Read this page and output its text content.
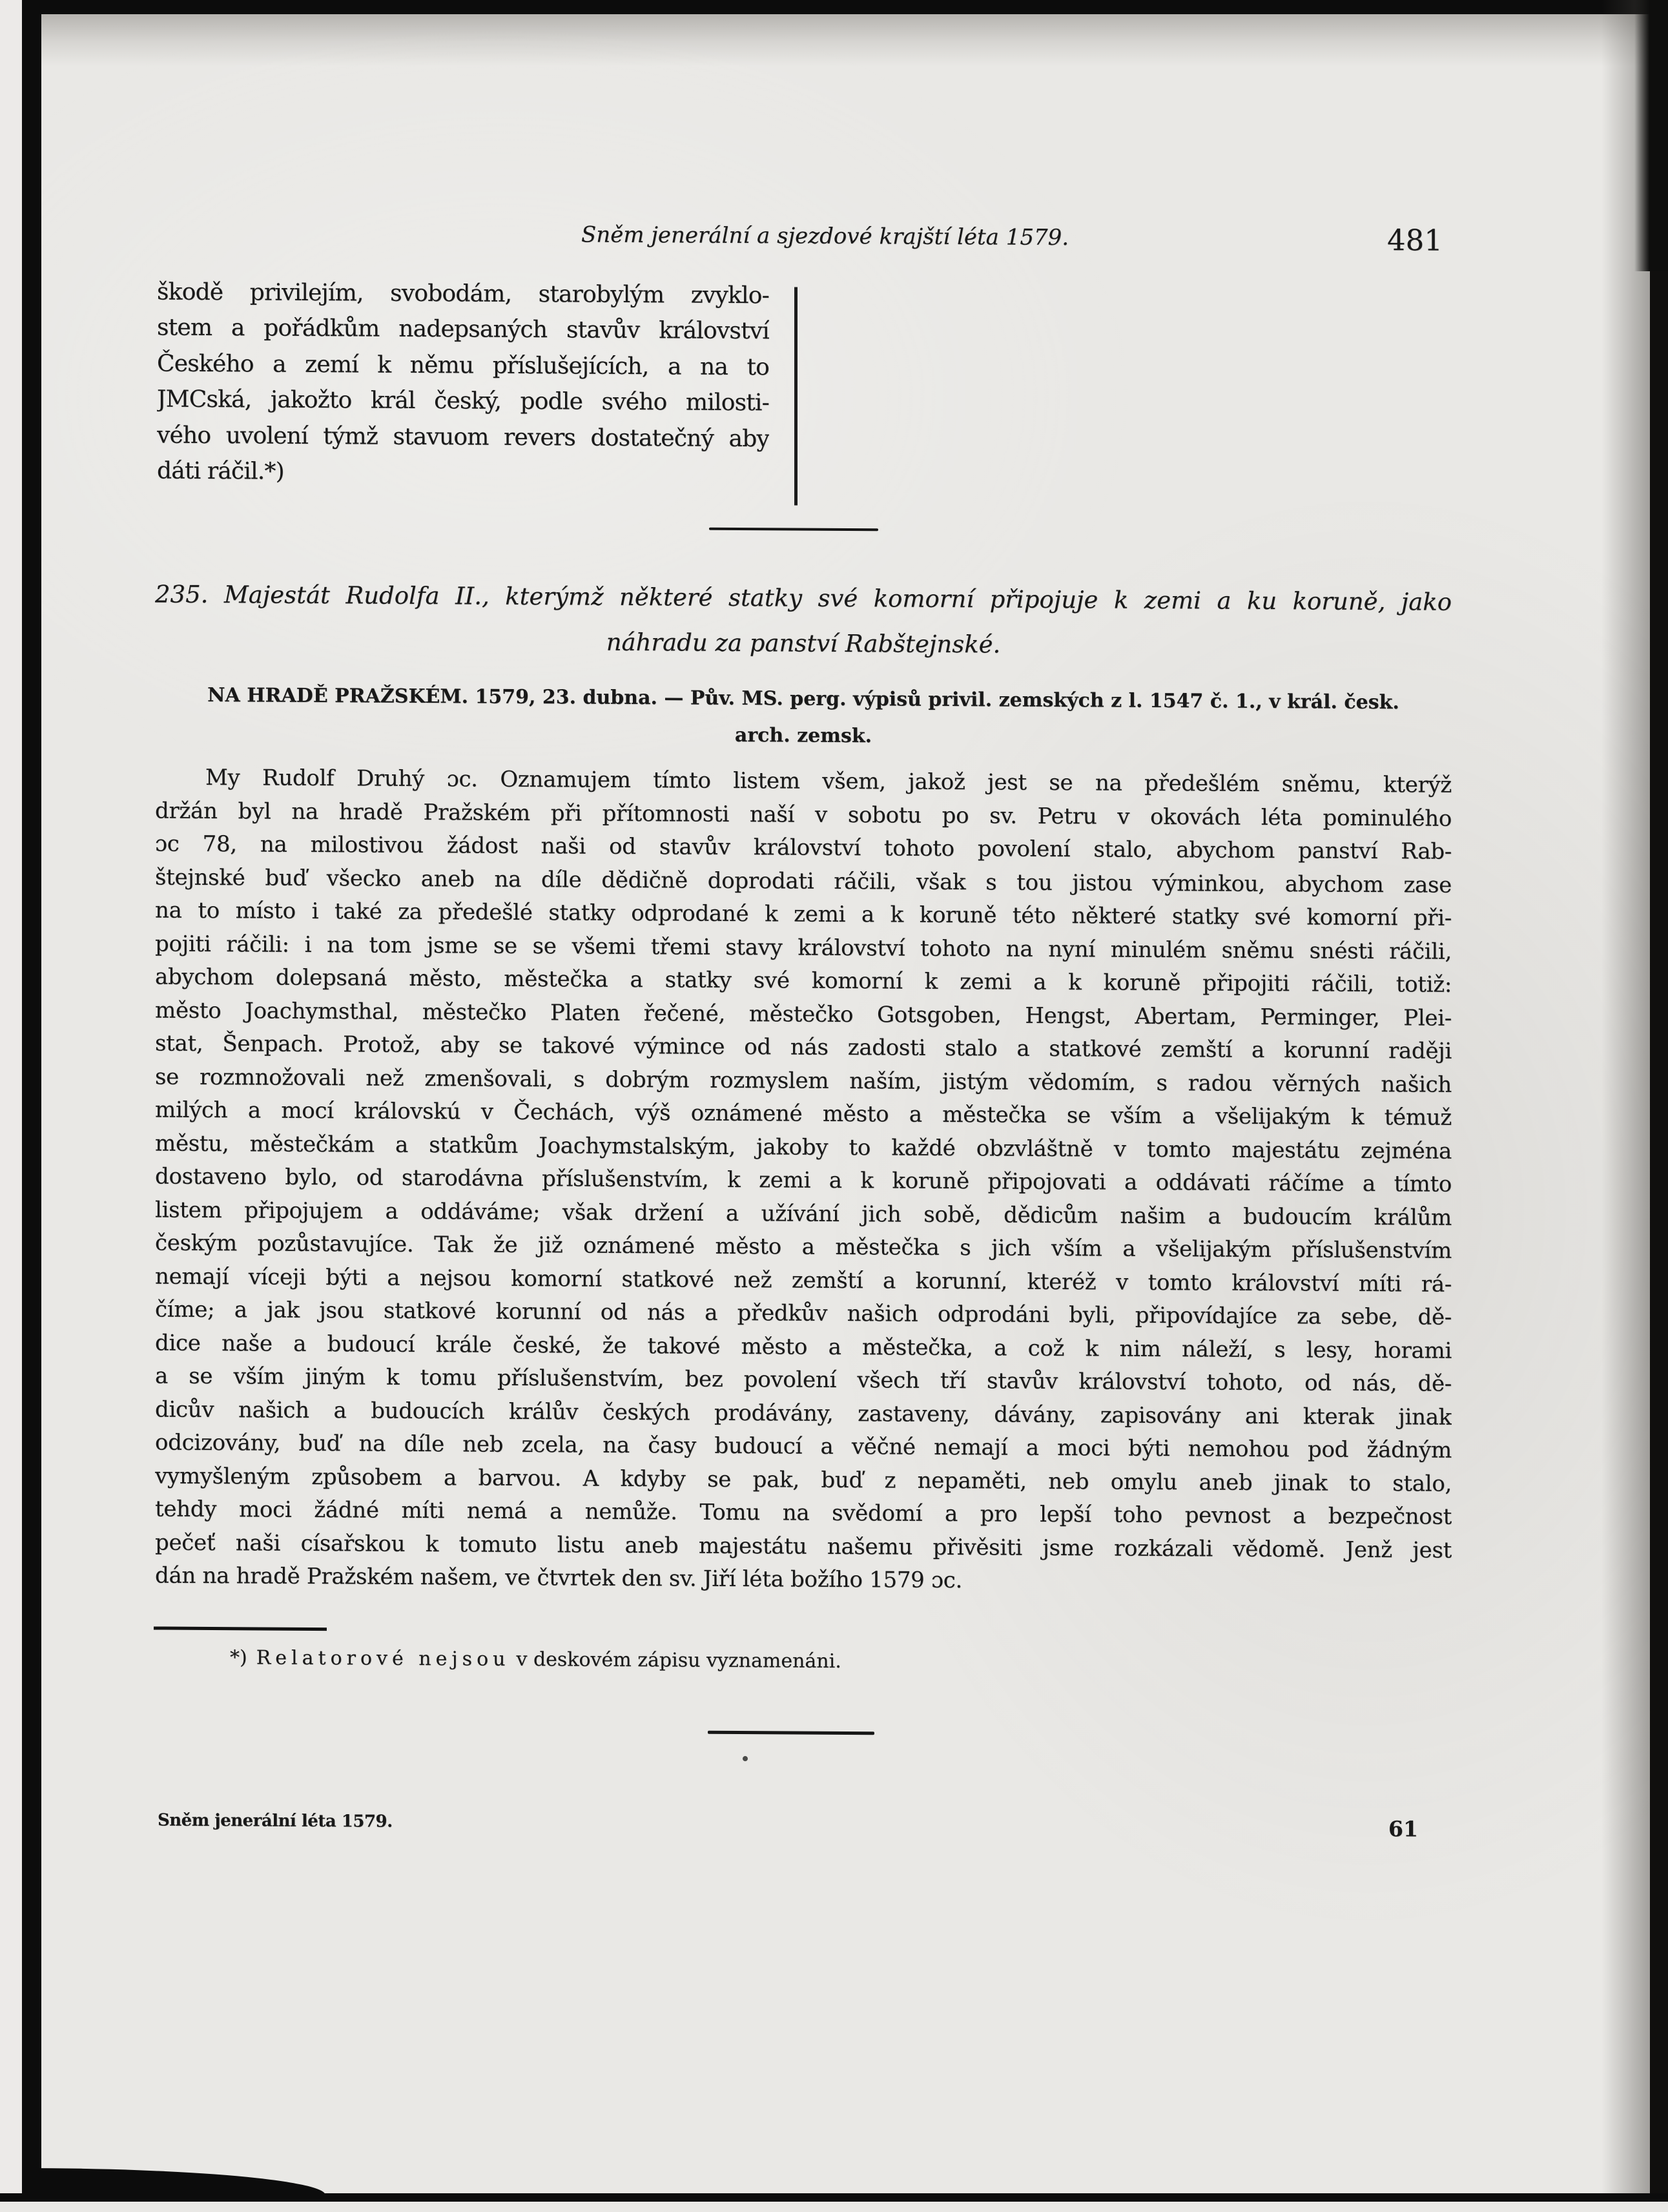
Sněm jenerální a sjezdové krajští léta 1579.	481
škodě privilejím, svobodám, starobylým zvyklo-
stem a pořádkům nadepsaných stavův království
Českého a zemí k němu příslušejících, a na to
JMCská, jakožto král český, podle svého milosti-
vého uvolení týmž stavuom revers dostatečný aby
dáti ráčil.*)
235. Majestát Rudolfa II., kterýmž některé statky své komorní připojuje k zemi a ku koruně, jako
náhradu za panství Rabštejnské.
NA HRADĚ PRAŽSKÉM. 1579, 23. dubna. — Pův. MS. perg. výpisů privil. zemských z l. 1547 č. 1., v král. česk.
arch. zemsk.
My Rudolf Druhý ɔc. Oznamujem tímto listem všem, jakož jest se na předešlém sněmu, kterýž
držán byl na hradě Pražském při přítomnosti naší v sobotu po sv. Petru v okovách léta pominulého
ɔc 78, na milostivou žádost naši od stavův království tohoto povolení stalo, abychom panství Rab-
štejnské buď všecko aneb na díle dědičně doprodati ráčili, však s tou jistou výminkou, abychom zase
na to místo i také za předešlé statky odprodané k zemi a k koruně této některé statky své komorní při-
pojiti ráčili: i na tom jsme se se všemi třemi stavy království tohoto na nyní minulém sněmu snésti ráčili,
abychom dolepsaná město, městečka a statky své komorní k zemi a k koruně připojiti ráčili, totiž:
město Joachymsthal, městečko Platen řečené, městečko Gotsgoben, Hengst, Abertam, Perminger, Plei-
stat, Šenpach. Protož, aby se takové výmince od nás zadosti stalo a statkové zemští a korunní raději
se rozmnožovali než zmenšovali, s dobrým rozmyslem naším, jistým vědomím, s radou věrných našich
milých a mocí královskú v Čechách, výš oznámené město a městečka se vším a všelijakým k témuž
městu, městečkám a statkům Joachymstalským, jakoby to každé obzvláštně v tomto majestátu zejména
dostaveno bylo, od starodávna příslušenstvím, k zemi a k koruně připojovati a oddávati ráčíme a tímto
listem připojujem a oddáváme; však držení a užívání jich sobě, dědicům našim a budoucím králům
českým pozůstavujíce. Tak že již oznámené město a městečka s jich vším a všelijakým příslušenstvím
nemají víceji býti a nejsou komorní statkové než zemští a korunní, kteréž v tomto království míti rá-
číme; a jak jsou statkové korunní od nás a předkův našich odprodáni byli, připovídajíce za sebe, dě-
dice naše a budoucí krále české, že takové město a městečka, a což k nim náleží, s lesy, horami
a se vším jiným k tomu příslušenstvím, bez povolení všech tří stavův království tohoto, od nás, dě-
dicův našich a budoucích králův českých prodávány, zastaveny, dávány, zapisovány ani kterak jinak
odcizovány, buď na díle neb zcela, na časy budoucí a věčné nemají a moci býti nemohou pod žádným
vymyšleným způsobem a barvou. A kdyby se pak, buď z nepaměti, neb omylu aneb jinak to stalo,
tehdy moci žádné míti nemá a nemůže. Tomu na svědomí a pro lepší toho pevnost a bezpečnost
pečeť naši císařskou k tomuto listu aneb majestátu našemu přivěsiti jsme rozkázali vědomě. Jenž jest
dán na hradě Pražském našem, ve čtvrtek den sv. Jiří léta božího 1579 ɔc.
*) Relatorové nejsou v deskovém zápisu vyznamenáni.
Sněm jenerální léta 1579.	61
